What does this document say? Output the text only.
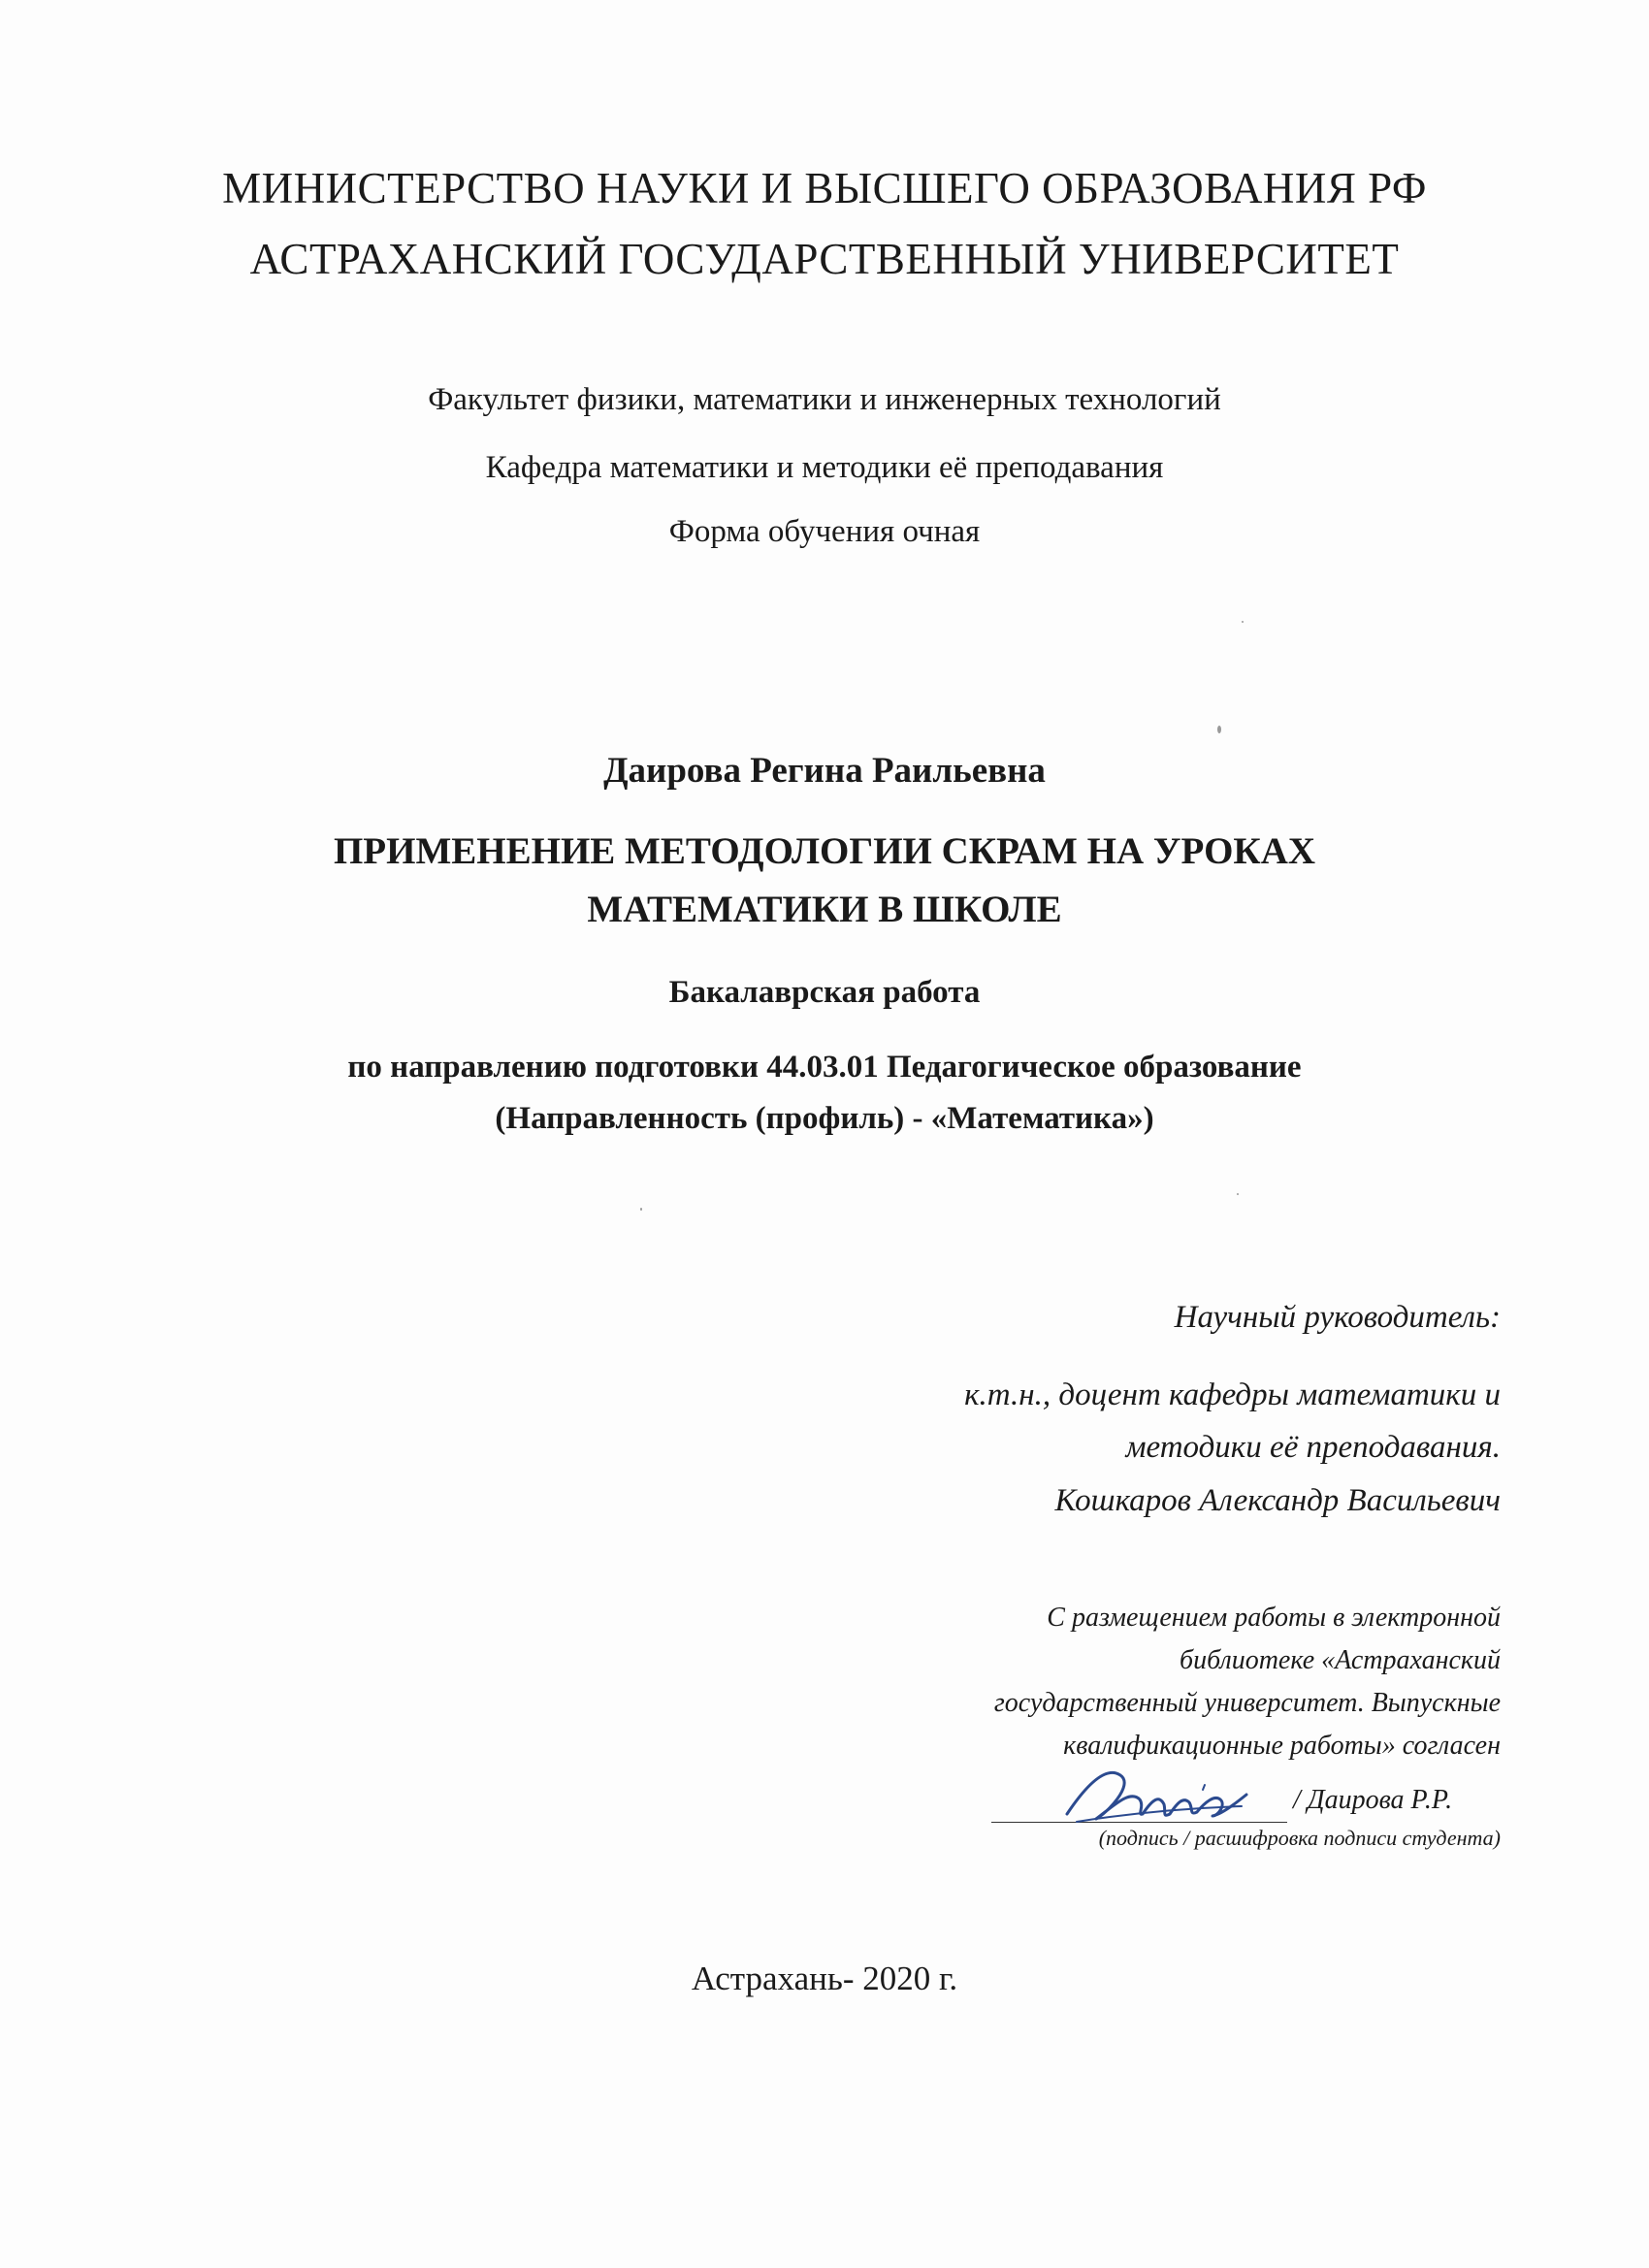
МИНИСТЕРСТВО НАУКИ И ВЫСШЕГО ОБРАЗОВАНИЯ РФ
АСТРАХАНСКИЙ ГОСУДАРСТВЕННЫЙ УНИВЕРСИТЕТ
Факультет физики, математики и инженерных технологий
Кафедра математики и методики её преподавания
Форма обучения очная
Даирова Регина Раильевна
ПРИМЕНЕНИЕ МЕТОДОЛОГИИ СКРАМ НА УРОКАХ
МАТЕМАТИКИ В ШКОЛЕ
Бакалаврская работа
по направлению подготовки 44.03.01 Педагогическое образование
(Направленность (профиль) - «Математика»)
Научный руководитель:
к.т.н., доцент кафедры математики и
методики её преподавания.
Кошкаров Александр Васильевич
С размещением работы в электронной
библиотеке «Астраханский
государственный университет. Выпускные
квалификационные работы» согласен
/ Даирова Р.Р.
(подпись / расшифровка подписи студента)
Астрахань- 2020 г.
